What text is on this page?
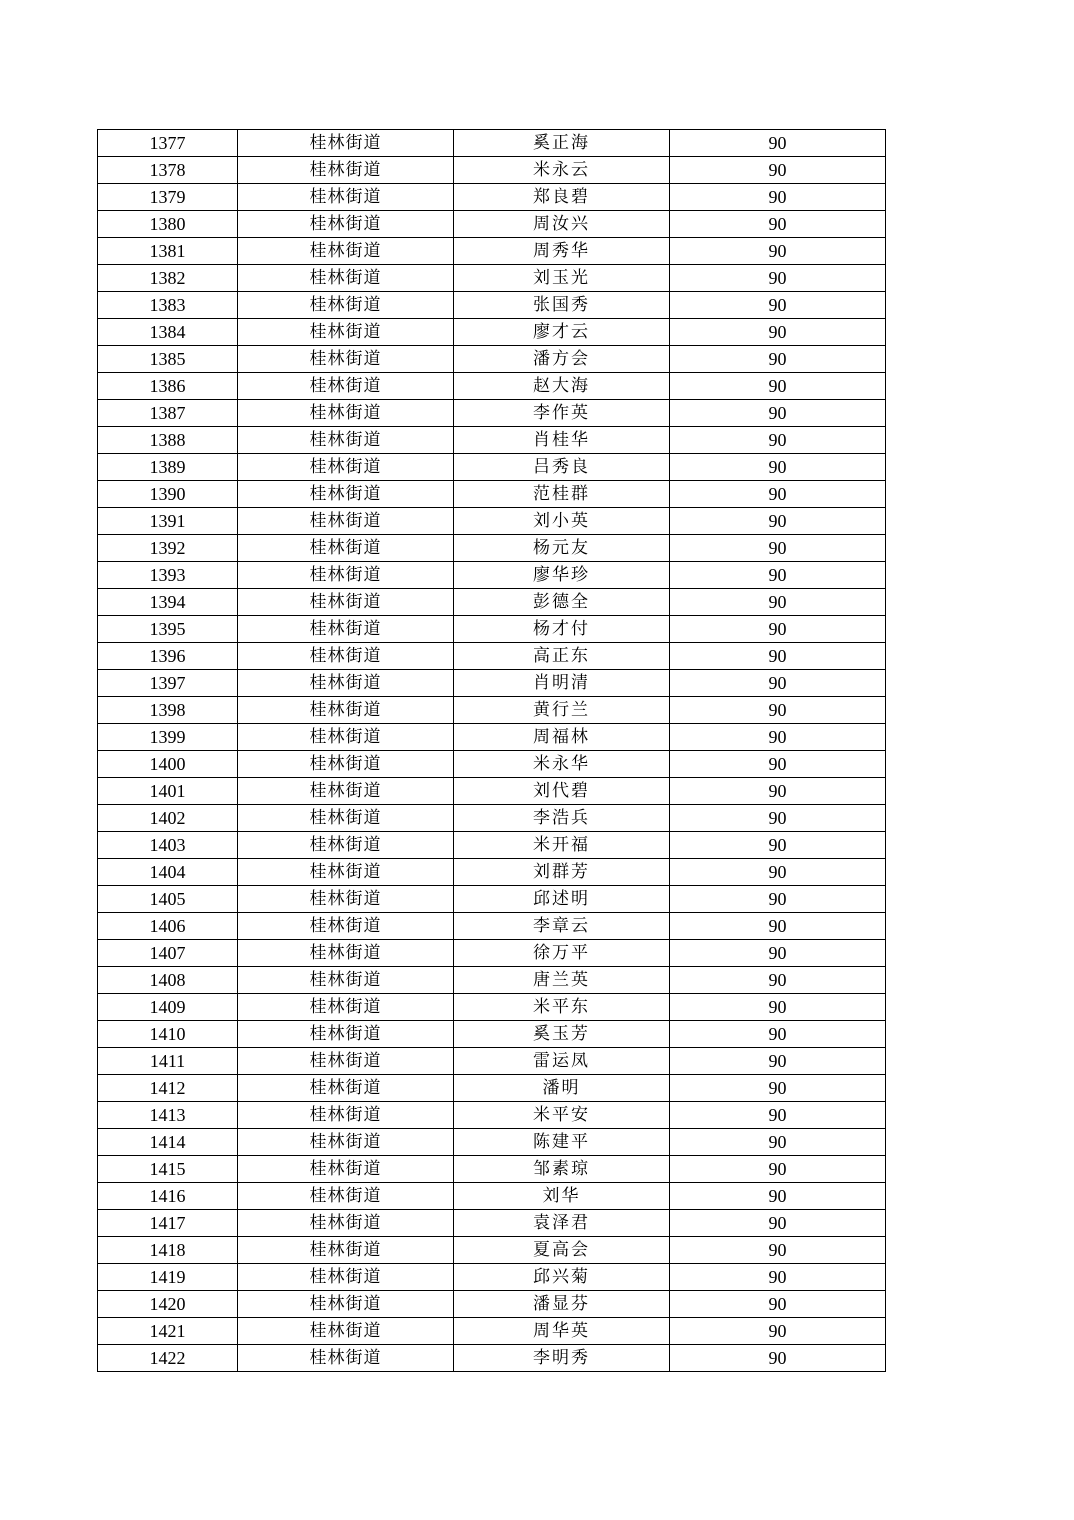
1377	桂林街道	奚正海	90
1378	桂林街道	米永云	90
1379	桂林街道	郑良碧	90
1380	桂林街道	周汝兴	90
1381	桂林街道	周秀华	90
1382	桂林街道	刘玉光	90
1383	桂林街道	张国秀	90
1384	桂林街道	廖才云	90
1385	桂林街道	潘方会	90
1386	桂林街道	赵大海	90
1387	桂林街道	李作英	90
1388	桂林街道	肖桂华	90
1389	桂林街道	吕秀良	90
1390	桂林街道	范桂群	90
1391	桂林街道	刘小英	90
1392	桂林街道	杨元友	90
1393	桂林街道	廖华珍	90
1394	桂林街道	彭德全	90
1395	桂林街道	杨才付	90
1396	桂林街道	高正东	90
1397	桂林街道	肖明清	90
1398	桂林街道	黄行兰	90
1399	桂林街道	周福林	90
1400	桂林街道	米永华	90
1401	桂林街道	刘代碧	90
1402	桂林街道	李浩兵	90
1403	桂林街道	米开福	90
1404	桂林街道	刘群芳	90
1405	桂林街道	邱述明	90
1406	桂林街道	李章云	90
1407	桂林街道	徐万平	90
1408	桂林街道	唐兰英	90
1409	桂林街道	米平东	90
1410	桂林街道	奚玉芳	90
1411	桂林街道	雷运凤	90
1412	桂林街道	潘明	90
1413	桂林街道	米平安	90
1414	桂林街道	陈建平	90
1415	桂林街道	邹素琼	90
1416	桂林街道	刘华	90
1417	桂林街道	袁泽君	90
1418	桂林街道	夏高会	90
1419	桂林街道	邱兴菊	90
1420	桂林街道	潘显芬	90
1421	桂林街道	周华英	90
1422	桂林街道	李明秀	90
